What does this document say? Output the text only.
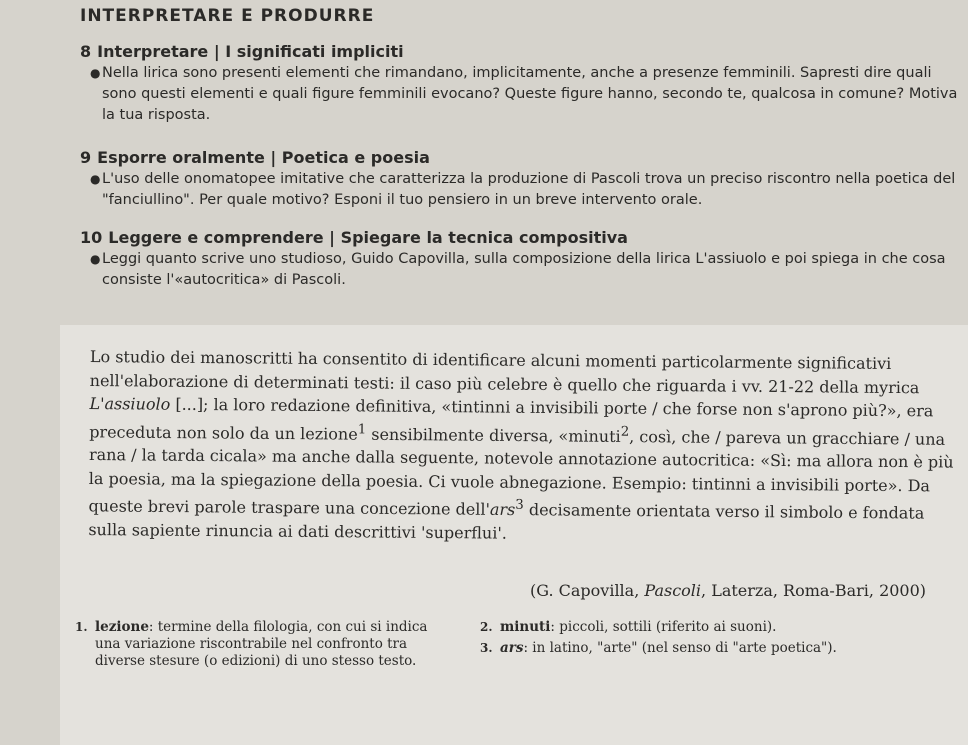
INTERPRETARE E PRODURRE
8 Interpretare | I significati impliciti
● Nella lirica sono presenti elementi che rimandano, implicitamente, anche a presenze femminili. Sapresti dire quali sono questi elementi e quali figure femminili evocano? Queste figure hanno, secondo te, qualcosa in comune? Motiva la tua risposta.
9 Esporre oralmente | Poetica e poesia
● L'uso delle onomatopee imitative che caratterizza la produzione di Pascoli trova un preciso riscontro nella poetica del "fanciullino". Per quale motivo? Esponi il tuo pensiero in un breve intervento orale.
10 Leggere e comprendere | Spiegare la tecnica compositiva
● Leggi quanto scrive uno studioso, Guido Capovilla, sulla composizione della lirica L'assiuolo e poi spiega in che cosa consiste l'«autocritica» di Pascoli.
Lo studio dei manoscritti ha consentito di identificare alcuni momenti particolarmente significativi nell'elaborazione di determinati testi: il caso più celebre è quello che riguarda i vv. 21-22 della myrica L'assiuolo [...]; la loro redazione definitiva, «tintinni a invisibili porte / che forse non s'aprono più?», era preceduta non solo da un lezione$^1$ sensibilmente diversa, «minuti$^2$, così, che / pareva un gracchiare / una rana / la tarda cicala» ma anche dalla seguente, notevole annotazione autocritica: «Sì: ma allora non è più la poesia, ma la spiegazione della poesia. Ci vuole abnegazione. Esempio: tintinni a invisibili porte». Da queste brevi parole traspare una concezione dell'ars$^3$ decisamente orientata verso il simbolo e fondata sulla sapiente rinuncia ai dati descrittivi 'superflui'.
(G. Capovilla, Pascoli, Laterza, Roma-Bari, 2000)
1. lezione: termine della filologia, con cui si indica una variazione riscontrabile nel confronto tra diverse stesure (o edizioni) di uno stesso testo.
2. minuti: piccoli, sottili (riferito ai suoni).
3. ars: in latino, "arte" (nel senso di "arte poetica").
